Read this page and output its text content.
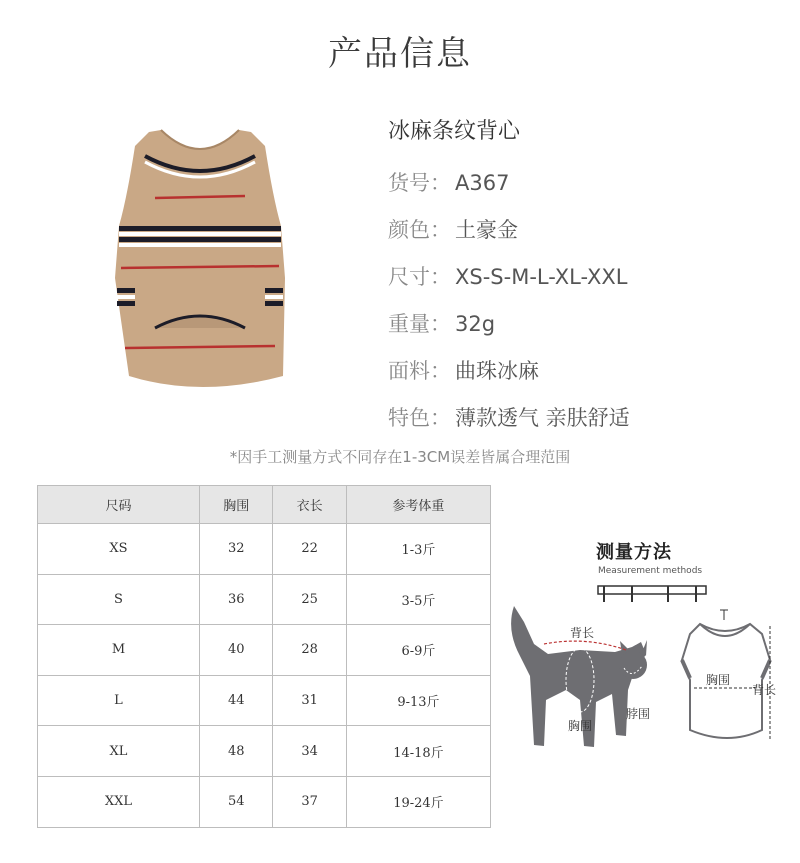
产品信息
冰麻条纹背心
货号： A367
颜色： 土豪金
尺寸： XS-S-M-L-XL-XXL
重量： 32g
面料： 曲珠冰麻
特色： 薄款透气 亲肤舒适
*因手工测量方式不同存在1-3CM误差皆属合理范围
尺码	胸围	衣长	参考体重
XS	32	22	1-3斤
S	36	25	3-5斤
M	40	28	6-9斤
L	44	31	9-13斤
XL	48	34	14-18斤
XXL	54	37	19-24斤
测量方法
Measurement methods
背长
胸围
脖围
胸围
背长
